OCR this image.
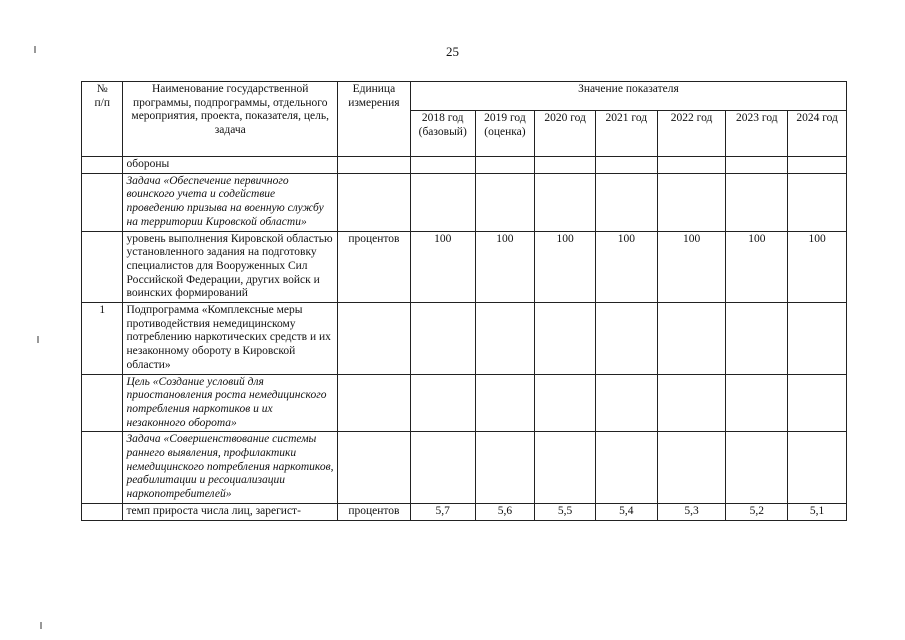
25
№
п/п	Наименование государственной программы, подпрограммы, отдельного мероприятия, проекта, показателя, цель, задача	Единица измерения	Значение показателя						
			2018 год (базовый)	2019 год (оценка)	2020 год	2021 год	2022 год	2023 год	2024 год
	обороны								
	Задача «Обеспечение первичного воинского учета и содействие проведению призыва на военную службу на территории Кировской области»								
	уровень выполнения Кировской областью установленного задания на подготовку специалистов для Вооруженных Сил Российской Федерации, других войск и воинских формирований	процентов	100	100	100	100	100	100	100
1	Подпрограмма «Комплексные меры противодействия немедицинскому потреблению наркотических средств и их незаконному обороту в Кировской области»								
	Цель «Создание условий для приостановления роста немедицинского потребления наркотиков и их незаконного оборота»								
	Задача «Совершенствование системы раннего выявления, профилактики немедицинского потребления наркотиков, реабилитации и ресоциализации наркопотребителей»								
	темп прироста числа лиц, зарегист-	процентов	5,7	5,6	5,5	5,4	5,3	5,2	5,1
